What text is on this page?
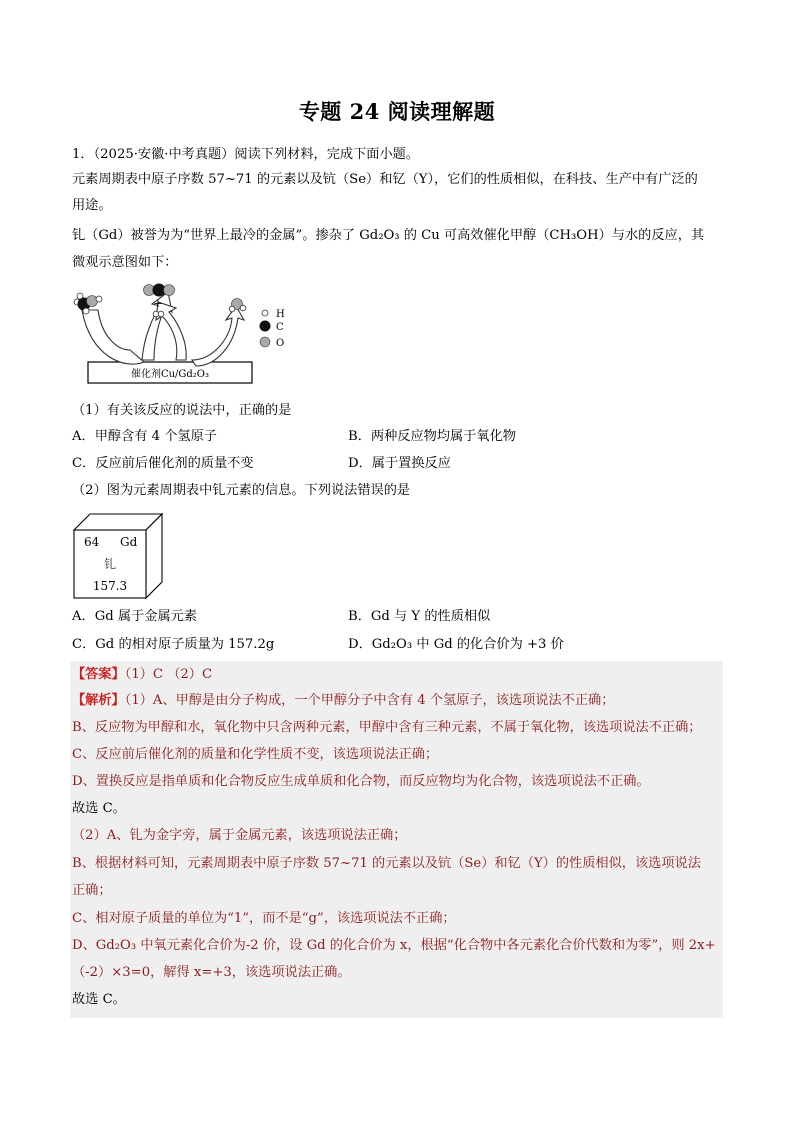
专题 24 阅读理解题
1．（2025·安徽·中考真题）阅读下列材料，完成下面小题。
元素周期表中原子序数 57~71 的元素以及钪（Se）和钇（Y），它们的性质相似，在科技、生产中有广泛的
用途。
钆（Gd）被誉为为“世界上最冷的金属”。掺杂了 Gd₂O₃ 的 Cu 可高效催化甲醇（CH₃OH）与水的反应，其
微观示意图如下：
催化剂Cu/Gd₂O₃
+
H
C
O
（1）有关该反应的说法中，正确的是
A．甲醇含有 4 个氢原子	B．两种反应物均属于氧化物
C．反应前后催化剂的质量不变	D．属于置换反应
（2）图为元素周期表中钆元素的信息。下列说法错误的是
64 Gd
钆
157.3
A．Gd 属于金属元素	B．Gd 与 Y 的性质相似
C．Gd 的相对原子质量为 157.2g	D．Gd₂O₃ 中 Gd 的化合价为 +3 价
【答案】（1）C （2）C
【解析】（1）A、甲醇是由分子构成，一个甲醇分子中含有 4 个氢原子，该选项说法不正确；
B、反应物为甲醇和水，氧化物中只含两种元素，甲醇中含有三种元素，不属于氧化物，该选项说法不正确；
C、反应前后催化剂的质量和化学性质不变，该选项说法正确；
D、置换反应是指单质和化合物反应生成单质和化合物，而反应物均为化合物，该选项说法不正确。
故选 C。
（2）A、钆为金字旁，属于金属元素，该选项说法正确；
B、根据材料可知，元素周期表中原子序数 57~71 的元素以及钪（Se）和钇（Y）的性质相似，该选项说法
正确；
C、相对原子质量的单位为“1”，而不是“g”，该选项说法不正确；
D、Gd₂O₃ 中氧元素化合价为-2 价，设 Gd 的化合价为 x，根据“化合物中各元素化合价代数和为零”，则 2x+
（-2）×3=0，解得 x=+3，该选项说法正确。
故选 C。
